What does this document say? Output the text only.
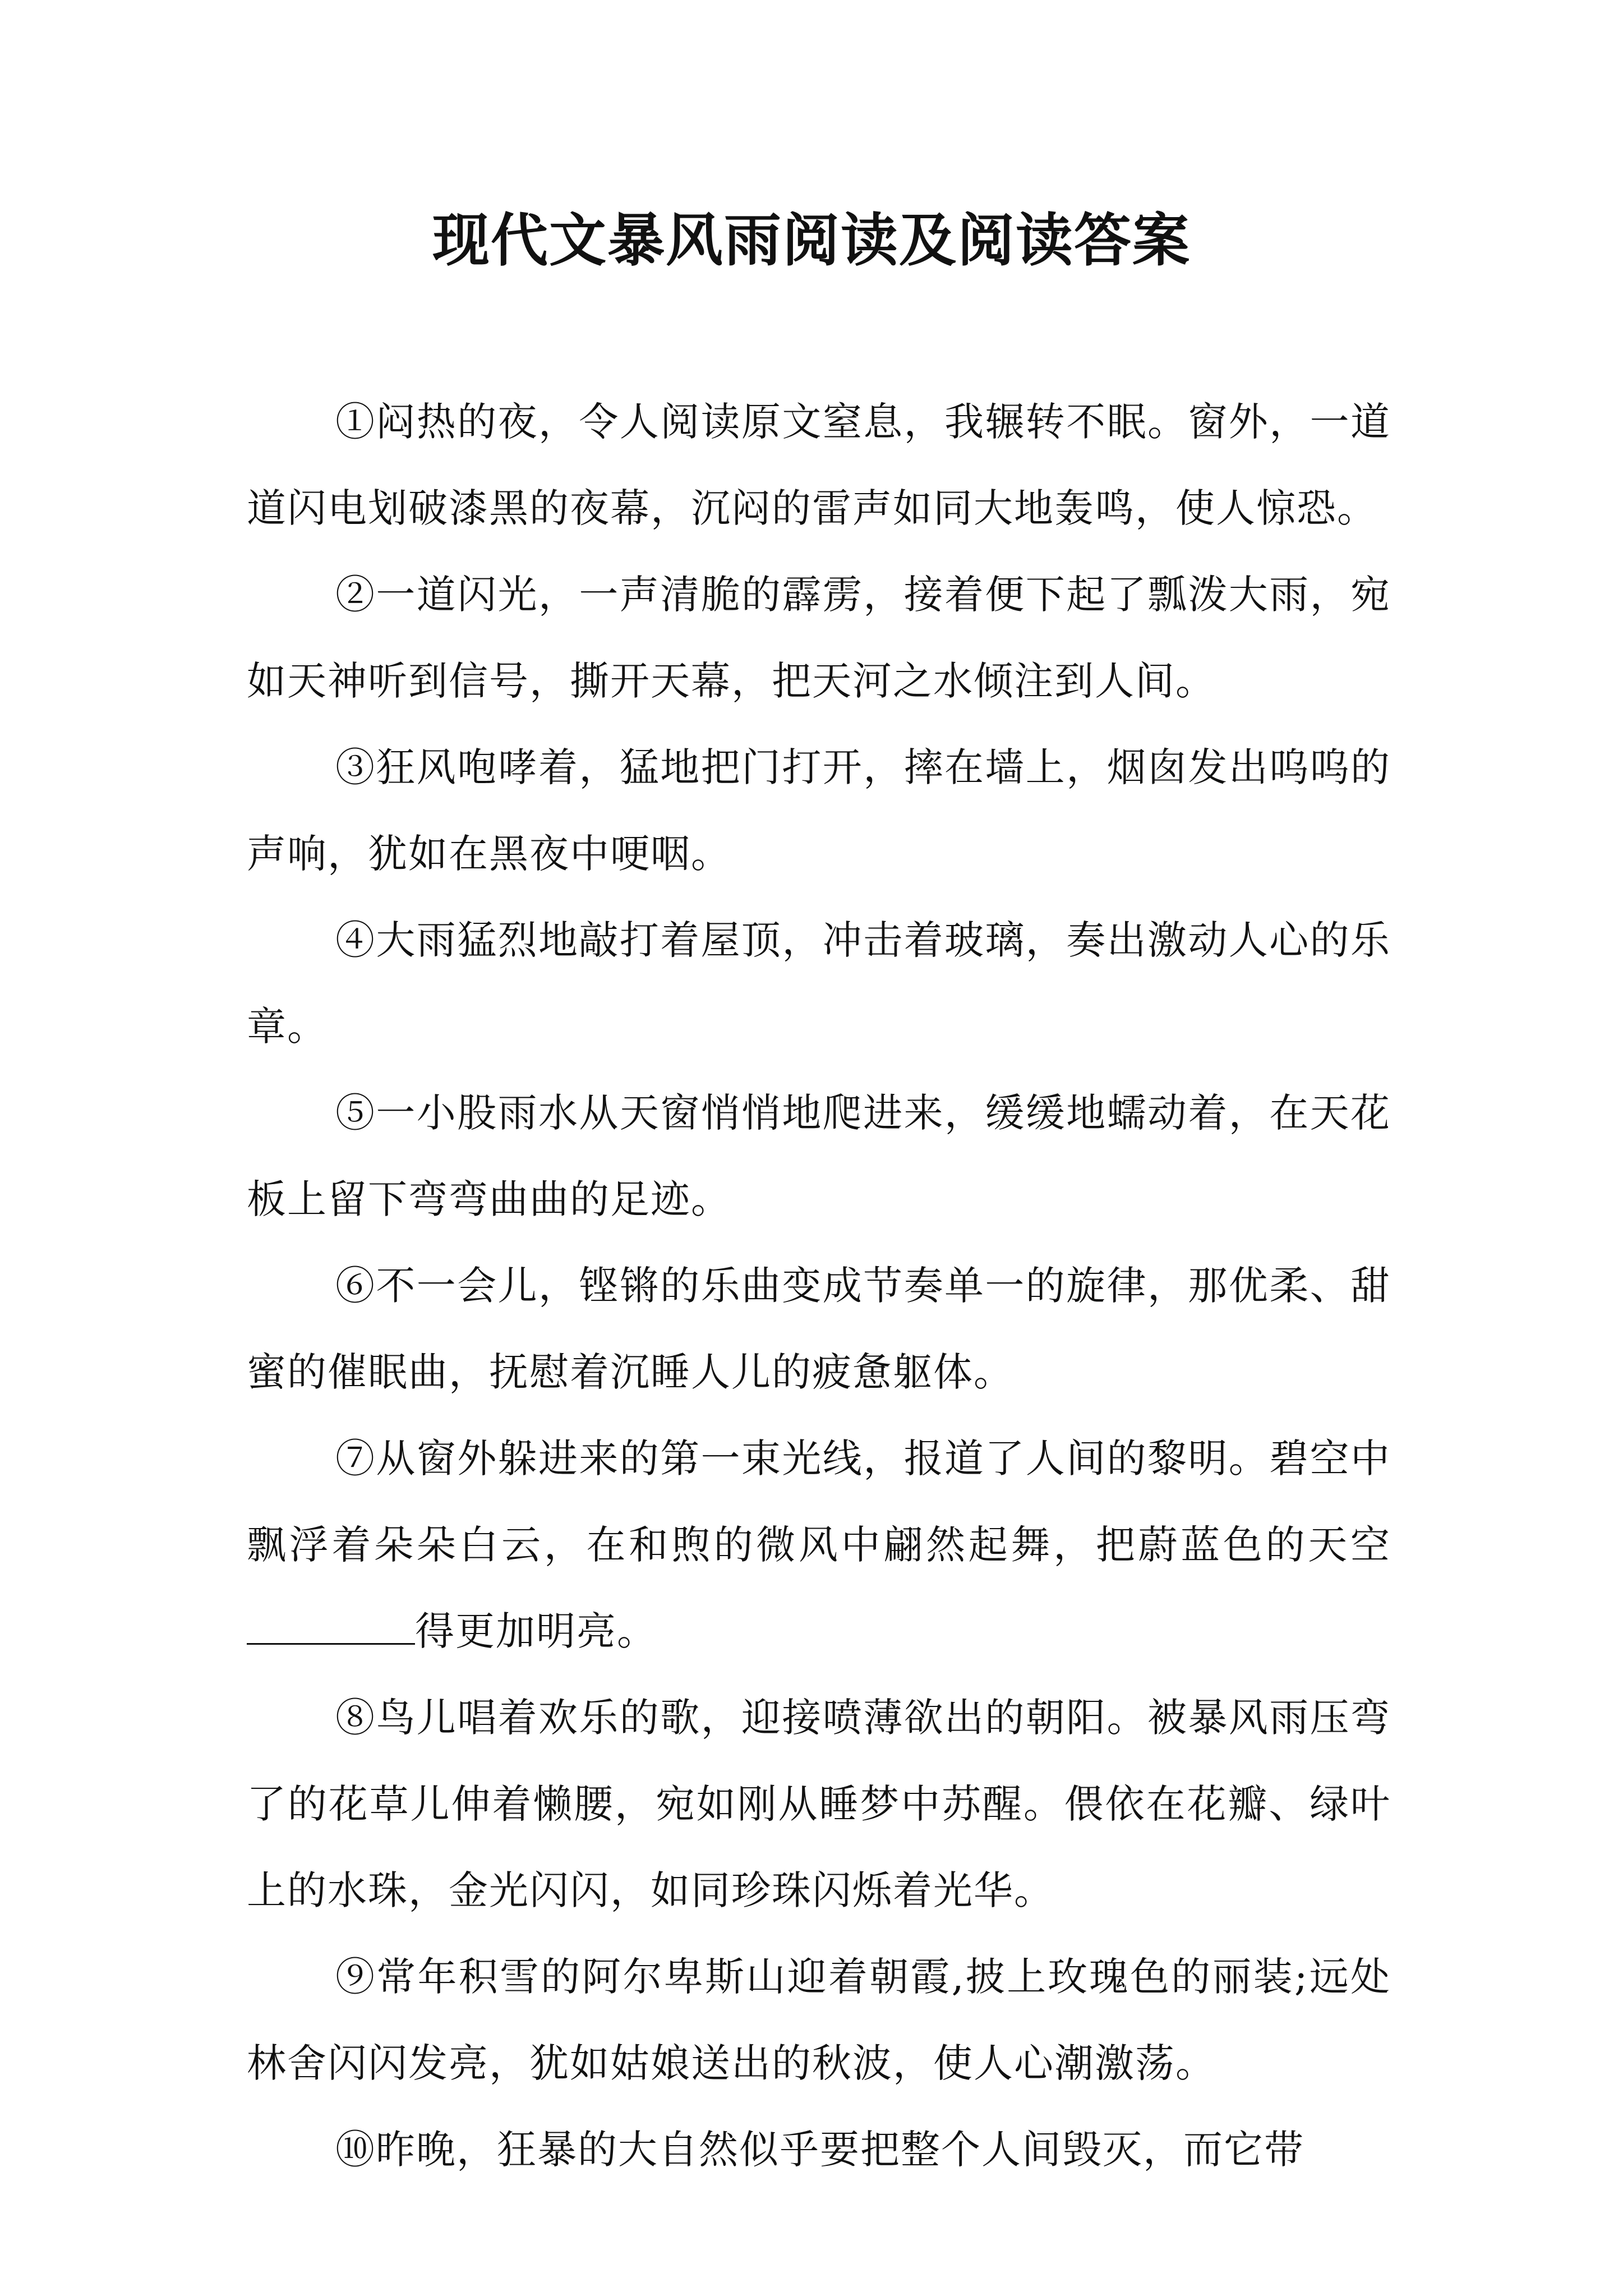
现代文暴风雨阅读及阅读答案

①闷热的夜，令人阅读原文窒息，我辗转不眠。窗外，一道道闪电划破漆黑的夜幕，沉闷的雷声如同大地轰鸣，使人惊恐。

②一道闪光，一声清脆的霹雳，接着便下起了瓢泼大雨，宛如天神听到信号，撕开天幕，把天河之水倾注到人间。

③狂风咆哮着，猛地把门打开，摔在墙上，烟囱发出呜呜的声响，犹如在黑夜中哽咽。

④大雨猛烈地敲打着屋顶，冲击着玻璃，奏出激动人心的乐章。

⑤一小股雨水从天窗悄悄地爬进来，缓缓地蠕动着，在天花板上留下弯弯曲曲的足迹。

⑥不一会儿，铿锵的乐曲变成节奏单一的旋律，那优柔、甜蜜的催眠曲，抚慰着沉睡人儿的疲惫躯体。

⑦从窗外躲进来的第一束光线，报道了人间的黎明。碧空中飘浮着朵朵白云，在和煦的微风中翩然起舞，把蔚蓝色的天空得更加明亮。

⑧鸟儿唱着欢乐的歌，迎接喷薄欲出的朝阳。被暴风雨压弯了的花草儿伸着懒腰，宛如刚从睡梦中苏醒。偎依在花瓣、绿叶上的水珠，金光闪闪，如同珍珠闪烁着光华。

⑨常年积雪的阿尔卑斯山迎着朝霞,披上玫瑰色的丽装;远处林舍闪闪发亮，犹如姑娘送出的秋波，使人心潮激荡。

⑩昨晚，狂暴的大自然似乎要把整个人间毁灭，而它带
